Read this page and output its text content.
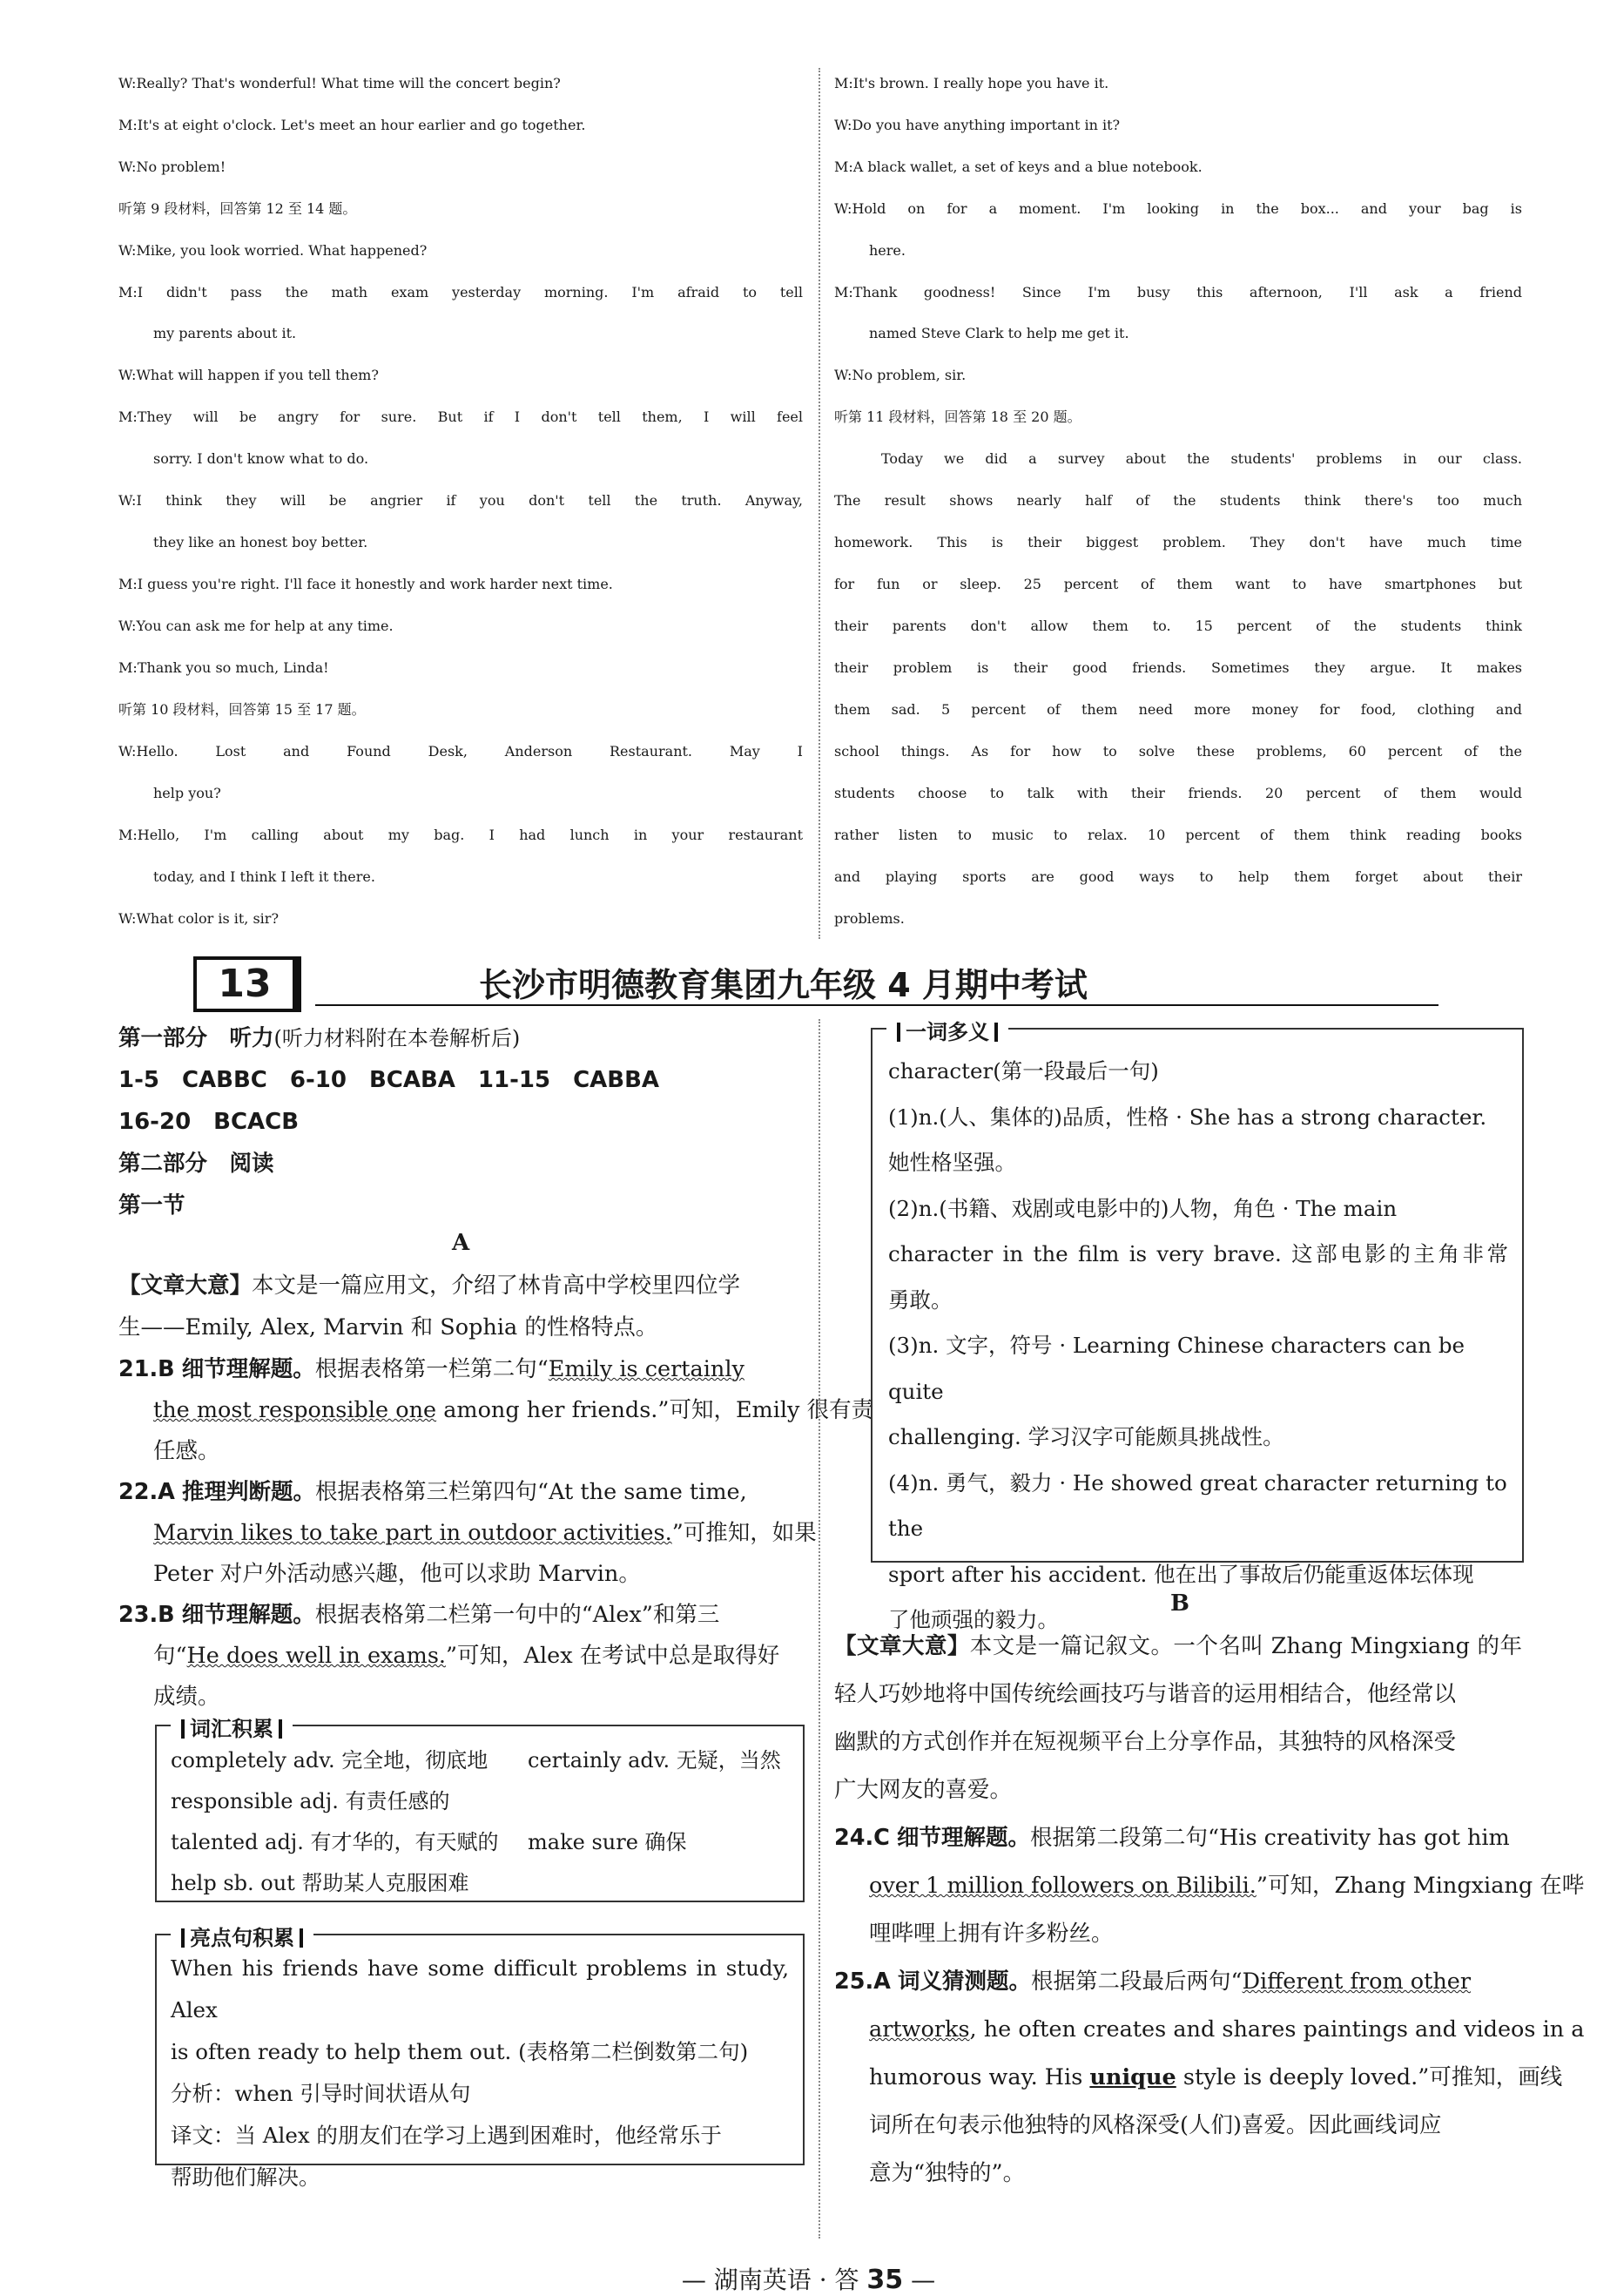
W:Really? That's wonderful! What time will the concert begin?
M:It's at eight o'clock. Let's meet an hour earlier and go together.
W:No problem!
听第 9 段材料，回答第 12 至 14 题。
W:Mike, you look worried. What happened?
M:I didn't pass the math exam yesterday morning. I'm afraid to tell
my parents about it.
W:What will happen if you tell them?
M:They will be angry for sure. But if I don't tell them, I will feel
sorry. I don't know what to do.
W:I think they will be angrier if you don't tell the truth. Anyway,
they like an honest boy better.
M:I guess you're right. I'll face it honestly and work harder next time.
W:You can ask me for help at any time.
M:Thank you so much, Linda!
听第 10 段材料，回答第 15 至 17 题。
W:Hello. Lost and Found Desk, Anderson Restaurant. May I
help you?
M:Hello, I'm calling about my bag. I had lunch in your restaurant
today, and I think I left it there.
W:What color is it, sir?
M:It's brown. I really hope you have it.
W:Do you have anything important in it?
M:A black wallet, a set of keys and a blue notebook.
W:Hold on for a moment. I'm looking in the box... and your bag is
here.
M:Thank goodness! Since I'm busy this afternoon, I'll ask a friend
named Steve Clark to help me get it.
W:No problem, sir.
听第 11 段材料，回答第 18 至 20 题。
Today we did a survey about the students' problems in our class.
The result shows nearly half of the students think there's too much
homework. This is their biggest problem. They don't have much time
for fun or sleep. 25 percent of them want to have smartphones but
their parents don't allow them to. 15 percent of the students think
their problem is their good friends. Sometimes they argue. It makes
them sad. 5 percent of them need more money for food, clothing and
school things. As for how to solve these problems, 60 percent of the
students choose to talk with their friends. 20 percent of them would
rather listen to music to relax. 10 percent of them think reading books
and playing sports are good ways to help them forget about their
problems.
13	长沙市明德教育集团九年级 4 月期中考试
第一部分　听力(听力材料附在本卷解析后)
1-5　CABBC　6-10　BCABA　11-15　CABBA
16-20　BCACB
第二部分　阅读
第一节
A
【文章大意】本文是一篇应用文，介绍了林肯高中学校里四位学
生——Emily, Alex, Marvin 和 Sophia 的性格特点。
21.B 细节理解题。根据表格第一栏第二句“Emily is certainly
the most responsible one among her friends.”可知，Emily 很有责
任感。
22.A 推理判断题。根据表格第三栏第四句“At the same time,
Marvin likes to take part in outdoor activities.”可推知，如果
Peter 对户外活动感兴趣，他可以求助 Marvin。
23.B 细节理解题。根据表格第二栏第一句中的“Alex”和第三
句“He does well in exams.”可知，Alex 在考试中总是取得好
成绩。
词汇积累
completely adv. 完全地，彻底地 certainly adv. 无疑，当然
responsible adj. 有责任感的
talented adj. 有才华的，有天赋的 make sure 确保
help sb. out 帮助某人克服困难
亮点句积累
When his friends have some difficult problems in study, Alex
is often ready to help them out. (表格第二栏倒数第二句)
分析：when 引导时间状语从句
译文：当 Alex 的朋友们在学习上遇到困难时，他经常乐于
帮助他们解决。
一词多义
character(第一段最后一句)
(1)n.(人、集体的)品质，性格 · She has a strong character.
她性格坚强。
(2)n.(书籍、戏剧或电影中的)人物，角色 · The main
character in the film is very brave. 这部电影的主角非常
勇敢。
(3)n. 文字，符号 · Learning Chinese characters can be quite
challenging. 学习汉字可能颇具挑战性。
(4)n. 勇气，毅力 · He showed great character returning to the
sport after his accident. 他在出了事故后仍能重返体坛体现
了他顽强的毅力。
B
【文章大意】本文是一篇记叙文。一个名叫 Zhang Mingxiang 的年
轻人巧妙地将中国传统绘画技巧与谐音的运用相结合，他经常以
幽默的方式创作并在短视频平台上分享作品，其独特的风格深受
广大网友的喜爱。
24.C 细节理解题。根据第二段第二句“His creativity has got him
over 1 million followers on Bilibili.”可知，Zhang Mingxiang 在哔
哩哔哩上拥有许多粉丝。
25.A 词义猜测题。根据第二段最后两句“Different from other
artworks, he often creates and shares paintings and videos in a
humorous way. His unique style is deeply loved.”可推知，画线
词所在句表示他独特的风格深受(人们)喜爱。因此画线词应
意为“独特的”。
— 湖南英语 · 答 35 —
